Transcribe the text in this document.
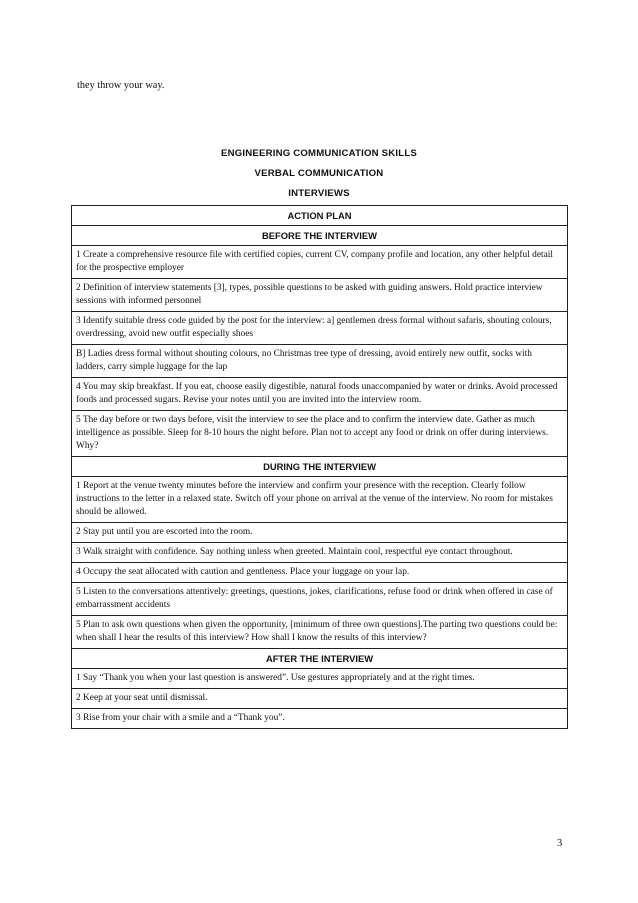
they throw your way.
ENGINEERING COMMUNICATION SKILLS
VERBAL COMMUNICATION
INTERVIEWS
ACTION PLAN
BEFORE THE INTERVIEW
1 Create a comprehensive resource file with certified copies, current CV, company profile and location, any other helpful detail for the prospective employer
2 Definition of interview statements [3], types, possible questions to be asked with guiding answers. Hold practice interview sessions with informed personnel
3 Identify suitable dress code guided by the post for the interview: a] gentlemen dress formal without safaris, shouting colours, overdressing, avoid new outfit especially shoes
B] Ladies dress formal without shouting colours, no Christmas tree type of dressing, avoid entirely new outfit, socks with ladders, carry simple luggage for the lap
4 You may skip breakfast. If you eat, choose easily digestible, natural foods unaccompanied by water or drinks. Avoid processed foods and processed sugars. Revise your notes until you are invited into the interview room.
5 The day before or two days before, visit the interview to see the place and to confirm the interview date. Gather as much intelligence as possible. Sleep for 8-10 hours the night before. Plan not to accept any food or drink on offer during interviews. Why?
DURING THE INTERVIEW
1 Report at the venue twenty minutes before the interview and confirm your presence with the reception. Clearly follow instructions to the letter in a relaxed state. Switch off your phone on arrival at the venue of the interview. No room for mistakes should be allowed.
2 Stay put until you are escorted into the room.
3 Walk straight with confidence. Say nothing unless when greeted. Maintain cool, respectful eye contact throughout.
4 Occupy the seat allocated with caution and gentleness. Place your luggage on your lap.
5 Listen to the conversations attentively: greetings, questions, jokes, clarifications, refuse food or drink when offered in case of embarrassment accidents
5 Plan to ask own questions when given the opportunity, [minimum of three own questions].The parting two questions could be: when shall I hear the results of this interview? How shall I know the results of this interview?
AFTER THE INTERVIEW
1 Say “Thank you when your last question is answered”. Use gestures appropriately and at the right times.
2 Keep at your seat until dismissal.
3 Rise from your chair with a smile and a “Thank you”.
3
